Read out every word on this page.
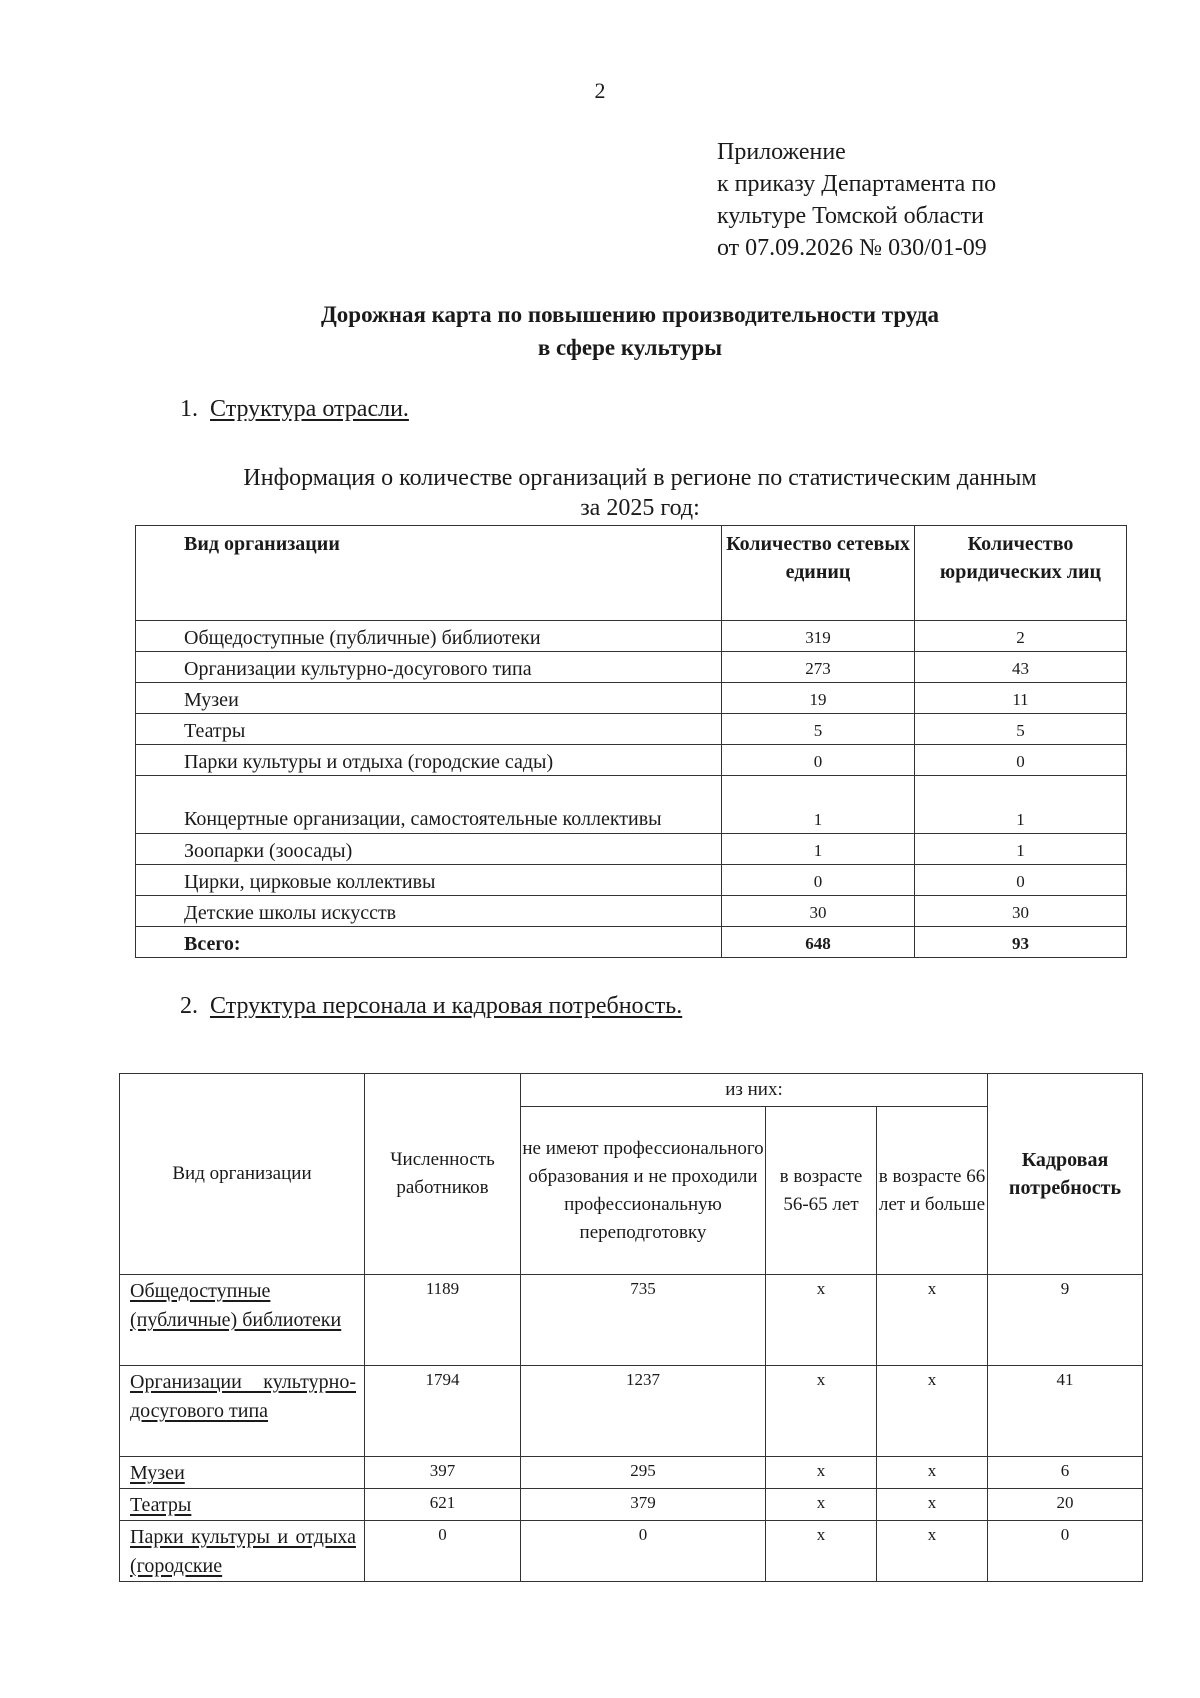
2
Приложение
к приказу Департамента по
культуре Томской области
от 07.09.2026 № 030/01-09
Дорожная карта по повышению производительности труда
в сфере культуры
1. Структура отрасли.
Информация о количестве организаций в регионе по статистическим данным
за 2025 год:
Вид организации	Количество сетевых единиц	Количество юридических лиц
Общедоступные (публичные) библиотеки	319	2
Организации культурно-досугового типа	273	43
Музеи	19	11
Театры	5	5
Парки культуры и отдыха (городские сады)	0	0
Концертные организации, самостоятельные коллективы	1	1
Зоопарки (зоосады)	1	1
Цирки, цирковые коллективы	0	0
Детские школы искусств	30	30
Всего:	648	93
2. Структура персонала и кадровая потребность.
Вид организации	Численность работников	из них:			Кадровая потребность
		не имеют профессионального образования и не проходили профессиональную переподготовку	в возрасте 56-65 лет	в возрасте 66 лет и больше	
Общедоступные (публичные) библиотеки	1189	735	х	х	9
Организации культурно-досугового типа	1794	1237	х	х	41
Музеи	397	295	х	х	6
Театры	621	379	х	х	20
Парки культуры и отдыха (городские	0	0	х	х	0
